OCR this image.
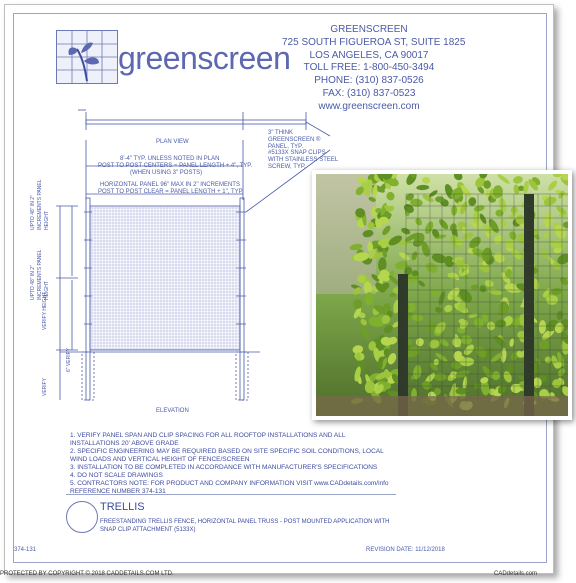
greenscreen
GREENSCREEN
725 SOUTH FIGUEROA ST, SUITE 1825
LOS ANGELES, CA 90017
TOLL FREE: 1-800-450-3494
PHONE: (310) 837-0526
FAX: (310) 837-0523
www.greenscreen.com
PLAN VIEW
8'-4" TYP. UNLESS NOTED IN PLAN
POST TO POST CENTERS = PANEL LENGTH + 4", TYP.
(WHEN USING 3" POSTS)
HORIZONTAL PANEL 96" MAX IN 2" INCREMENTS
POST TO POST CLEAR = PANEL LENGTH + 1", TYP.
3" THINK GREENSCREEN ® PANEL, TYP.
#5133X SNAP CLIPS WITH STAINLESS STEEL SCREW, TYP.
ELEVATION
UPTO 48" IN 2" INCREMENTS PANEL HEIGHT
UPTO 48" IN 2" INCREMENTS PANEL HEIGHT
VERIFY HEIGHT
6" VERIFY
VERIFY
1. VERIFY PANEL SPAN AND CLIP SPACING FOR ALL ROOFTOP INSTALLATIONS AND ALL
INSTALLATIONS 20' ABOVE GRADE
2. SPECIFIC ENGINEERING MAY BE REQUIRED BASED ON SITE SPECIFIC SOIL CONDITIONS, LOCAL
WIND LOADS AND VERTICAL HEIGHT OF FENCE/SCREEN
3. INSTALLATION TO BE COMPLETED IN ACCORDANCE WITH MANUFACTURER'S SPECIFICATIONS
4. DO NOT SCALE DRAWINGS
5. CONTRACTORS NOTE: FOR PRODUCT AND COMPANY INFORMATION VISIT www.CADdetails.com/info
REFERENCE NUMBER 374-131
TRELLIS
FREESTANDING TRELLIS FENCE, HORIZONTAL PANEL TRUSS - POST MOUNTED APPLICATION WITH SNAP CLIP ATTACHMENT (5133X)
374-131	REVISION DATE: 11/12/2018
PROTECTED BY COPYRIGHT © 2018 CADDETAILS.COM LTD.	CADdetails.com
